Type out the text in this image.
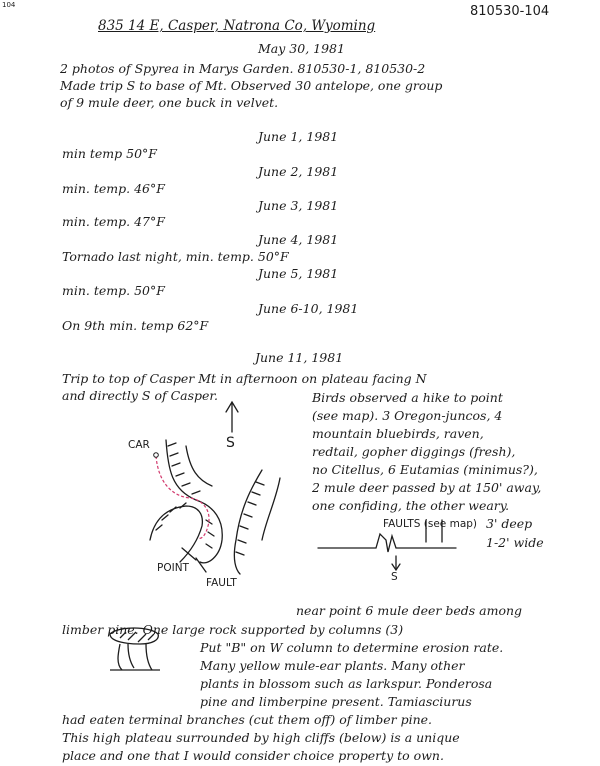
104	810530-104
835 14 E, Casper, Natrona Co, Wyoming
May 30, 1981
2 photos of Spyrea in Marys Garden. 810530-1, 810530-2
Made trip S to base of Mt. Observed 30 antelope, one group
of 9 mule deer, one buck in velvet.
June 1, 1981
min temp 50°F
June 2, 1981
min. temp. 46°F
June 3, 1981
min. temp. 47°F
June 4, 1981
Tornado last night, min. temp. 50°F
June 5, 1981
min. temp. 50°F
June 6-10, 1981
On 9th min. temp 62°F
June 11, 1981
Trip to top of Casper Mt in afternoon on plateau facing N
and directly S of Casper.	Birds observed a hike to point
(see map). 3 Oregon-juncos, 4
mountain bluebirds, raven,
redtail, gopher diggings (fresh),
no Citellus, 6 Eutamias (minimus?),
2 mule deer passed by at 150' away,
one confiding, the other weary.
CAR	S
POINT
FAULT
FAULTS (see map) 3' deep
1-2' wide
S
near point 6 mule deer beds among
limber pine. One large rock supported by columns (3)
Put "B" on W column to determine erosion rate.
Many yellow mule-ear plants. Many other
plants in blossom such as larkspur. Ponderosa
pine and limberpine present. Tamiasciurus
had eaten terminal branches (cut them off) of limber pine.
This high plateau surrounded by high cliffs (below) is a unique
place and one that I would consider choice property to own.
